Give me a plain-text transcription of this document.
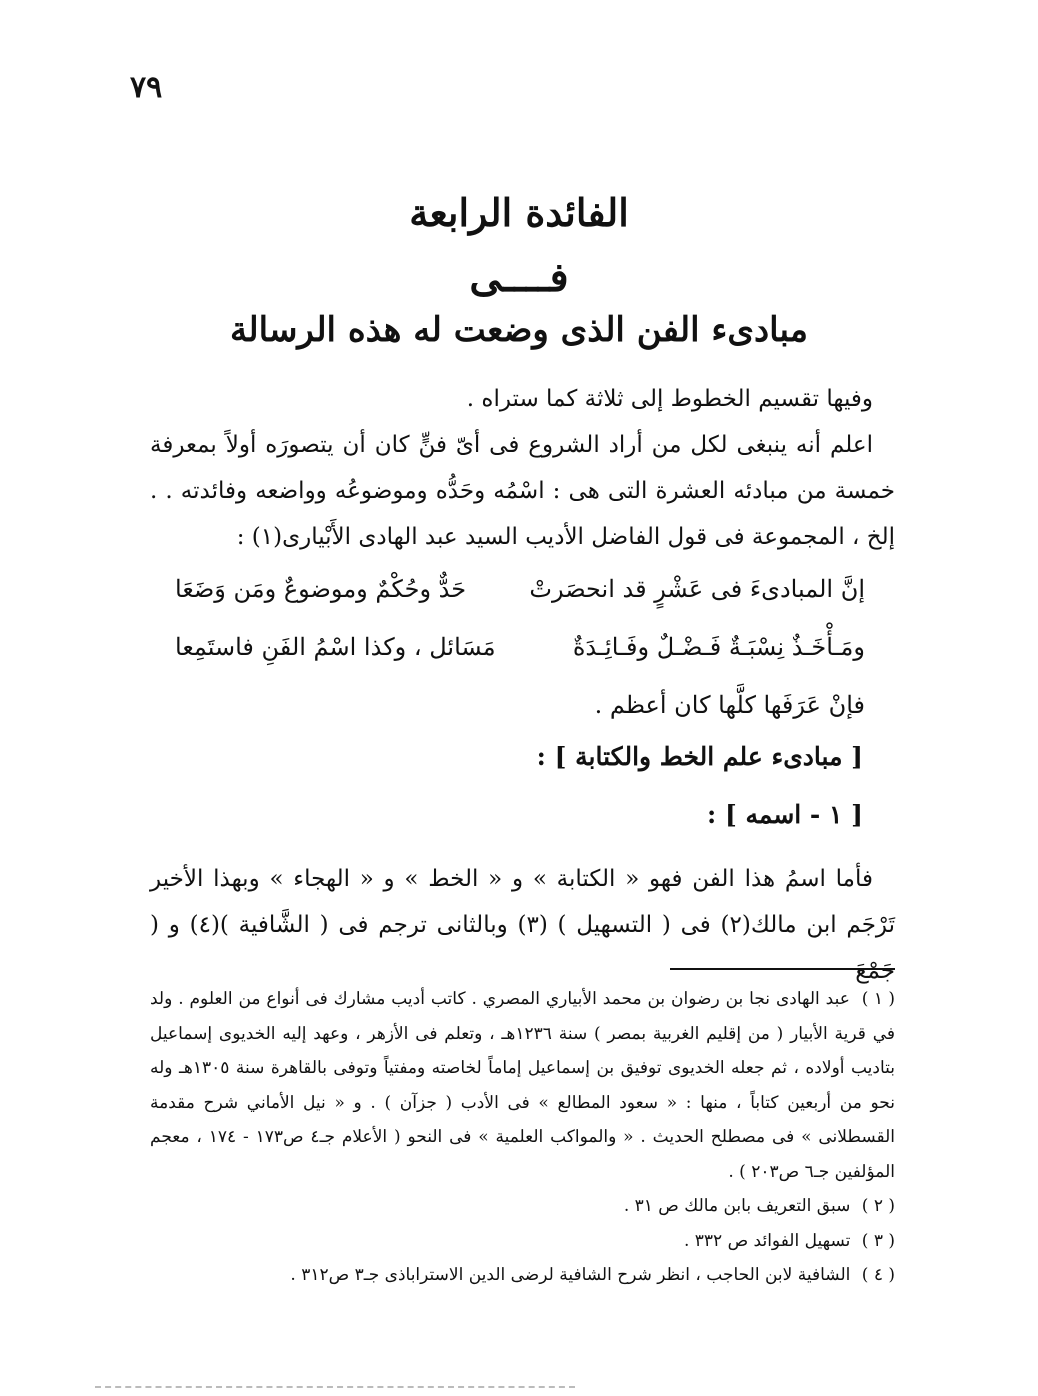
٧٩
الفائدة الرابعة
فــــى
مبادىء الفن الذى وضعت له هذه الرسالة
وفيها تقسيم الخطوط إلى ثلاثة كما ستراه .
اعلم أنه ينبغى لكل من أراد الشروع فى أىّ فنٍّ كان أن يتصورَه أولاً بمعرفة خمسة من مبادئه العشرة التى هى : اسْمُه وحَدُّه وموضوعُه وواضعه وفائدته . . إلخ ، المجموعة فى قول الفاضل الأديب السيد عبد الهادى الأَبْيارى(١) :
إنَّ المبادىءَ فى عَشْرٍ قد انحصَرتْ
حَدٌّ وحُكْمٌ وموضوعٌ ومَن وَضَعَا
ومَـأْخَـذٌ نِسْبَـةٌ فَـضْـلٌ وفَـائِـدَةٌ
مَسَائل ، وكذا اسْمُ الفَنِ فاستَمِعا
فإنْ عَرَفَها كلَّها كان أعظم .
[ مبادىء علم الخط والكتابة ] :
[ ١ - اسمه ] :
فأما اسمُ هذا الفن فهو « الكتابة » و « الخط » و « الهجاء » وبهذا الأخير تَرْجَم ابن مالك(٢) فى ( التسهيل ) (٣) وبالثانى ترجم فى ( الشَّافية )(٤) و ( جَمْعَ
( ١ ) عبد الهادى نجا بن رضوان بن محمد الأبياري المصري . كاتب أديب مشارك فى أنواع من العلوم . ولد في قرية الأبيار ( من إقليم الغربية بمصر ) سنة ١٢٣٦هـ ، وتعلم فى الأزهر ، وعهد إليه الخديوى إسماعيل بتاديب أولاده ، ثم جعله الخديوى توفيق بن إسماعيل إماماً لخاصته ومفتياً وتوفى بالقاهرة سنة ١٣٠٥هـ وله نحو من أربعين كتاباً ، منها : « سعود المطالع » فى الأدب ( جزآن ) . و « نيل الأماني شرح مقدمة القسطلانى » فى مصطلح الحديث . « والمواكب العلمية » فى النحو ( الأعلام جـ٤ ص١٧٣ - ١٧٤ ، معجم المؤلفين جـ٦ ص٢٠٣ ) .
( ٢ ) سبق التعريف بابن مالك ص ٣١ .
( ٣ ) تسهيل الفوائد ص ٣٣٢ .
( ٤ ) الشافية لابن الحاجب ، انظر شرح الشافية لرضى الدين الاستراباذى جـ٣ ص٣١٢ .
